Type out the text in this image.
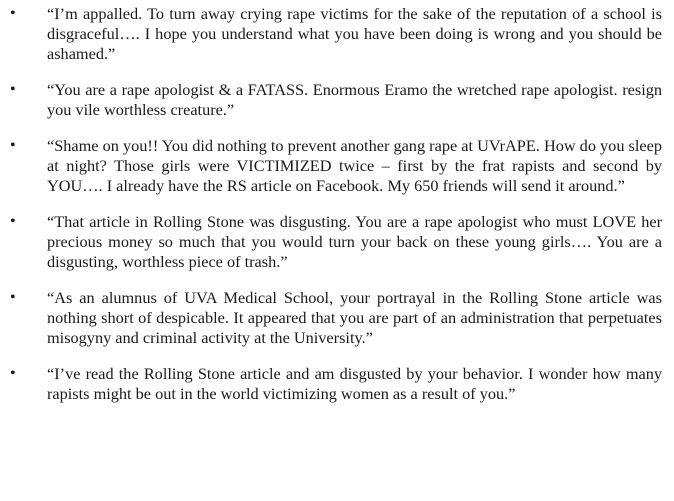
• “I’m appalled. To turn away crying rape victims for the sake of the reputation of a school is disgraceful…. I hope you understand what you have been doing is wrong and you should be ashamed.”

• “You are a rape apologist & a FATASS. Enormous Eramo the wretched rape apologist. resign you vile worthless creature.”

• “Shame on you!! You did nothing to prevent another gang rape at UVrAPE. How do you sleep at night? Those girls were VICTIMIZED twice – first by the frat rapists and second by YOU…. I already have the RS article on Facebook. My 650 friends will send it around.”

• “That article in Rolling Stone was disgusting. You are a rape apologist who must LOVE her precious money so much that you would turn your back on these young girls…. You are a disgusting, worthless piece of trash.”

• “As an alumnus of UVA Medical School, your portrayal in the Rolling Stone article was nothing short of despicable. It appeared that you are part of an administration that perpetuates misogyny and criminal activity at the University.”

• “I’ve read the Rolling Stone article and am disgusted by your behavior. I wonder how many rapists might be out in the world victimizing women as a result of you.”
